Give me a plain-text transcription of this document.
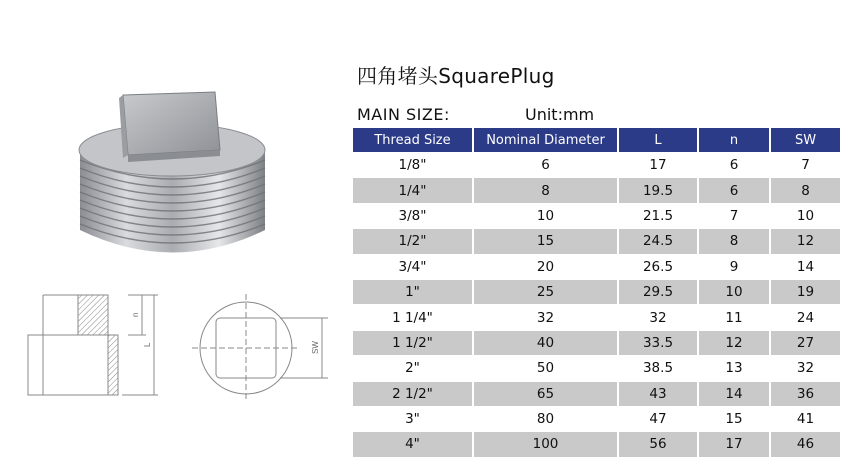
n
L	SW
四角堵头SquarePlug
MAIN SIZE:	Unit:mm
Thread Size	Nominal Diameter	L	n	SW
1/8"	6	17	6	7
1/4"	8	19.5	6	8
3/8"	10	21.5	7	10
1/2"	15	24.5	8	12
3/4"	20	26.5	9	14
1"	25	29.5	10	19
1 1/4"	32	32	11	24
1 1/2"	40	33.5	12	27
2"	50	38.5	13	32
2 1/2"	65	43	14	36
3"	80	47	15	41
4"	100	56	17	46
